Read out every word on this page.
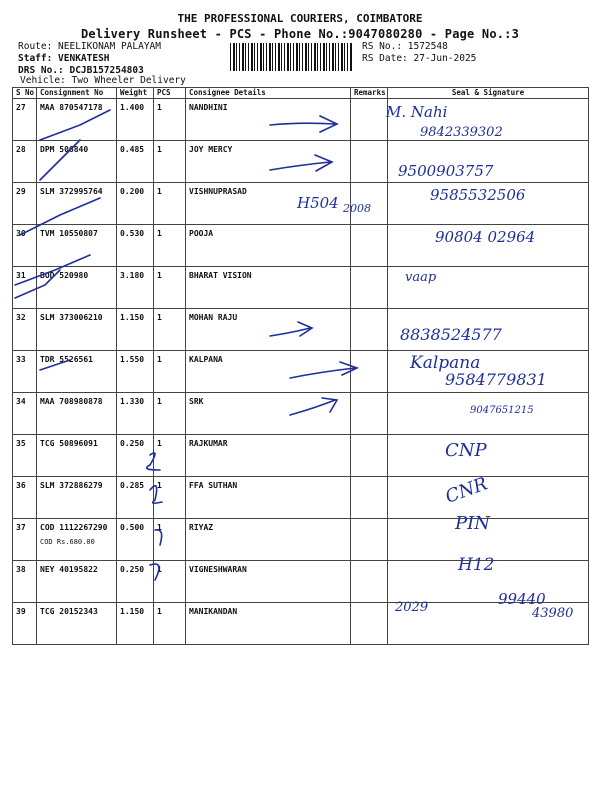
THE PROFESSIONAL COURIERS, COIMBATORE
Delivery Runsheet - PCS - Phone No.:9047080280 - Page No.:3
Route: NEELIKONAM PALAYAM
Staff: VENKATESH
DRS No.: DCJB157254803
Vehicle: Two Wheeler Delivery
RS No.: 1572548
RS Date: 27-Jun-2025
S No	Consignment No	Weight	PCS	Consignee Details	Remarks	Seal & Signature

27	MAA 870547178	1.400	1	NANDHINI		

28	DPM 506840	0.485	1	JOY MERCY		

29	SLM 372995764	0.200	1	VISHNUPRASAD		

30	TVM 10550807	0.530	1	POOJA		

31	BOD 520980	3.180	1	BHARAT VISION		

32	SLM 373006210	1.150	1	MOHAN RAJU		

33	TDR 5526561	1.550	1	KALPANA		

34	MAA 708980878	1.330	1	SRK		

35	TCG 50896091	0.250	1	RAJKUMAR		

36	SLM 372886279	0.285	1	FFA SUTHAN		

37	COD 1112267290
COD Rs.680.00	0.500	1	RIYAZ		

38	NEY 40195822	0.250	1	VIGNESHWARAN		

39	TCG 20152343	1.150	1	MANIKANDAN		

M. Nahi
9842339302
9500903757
H504 2008
9585532506
90804 02964
vaap
8838524577
Kalpana
9584779831
9047651215
CNP
CNR
PIN
H12
2029	99440
43980
